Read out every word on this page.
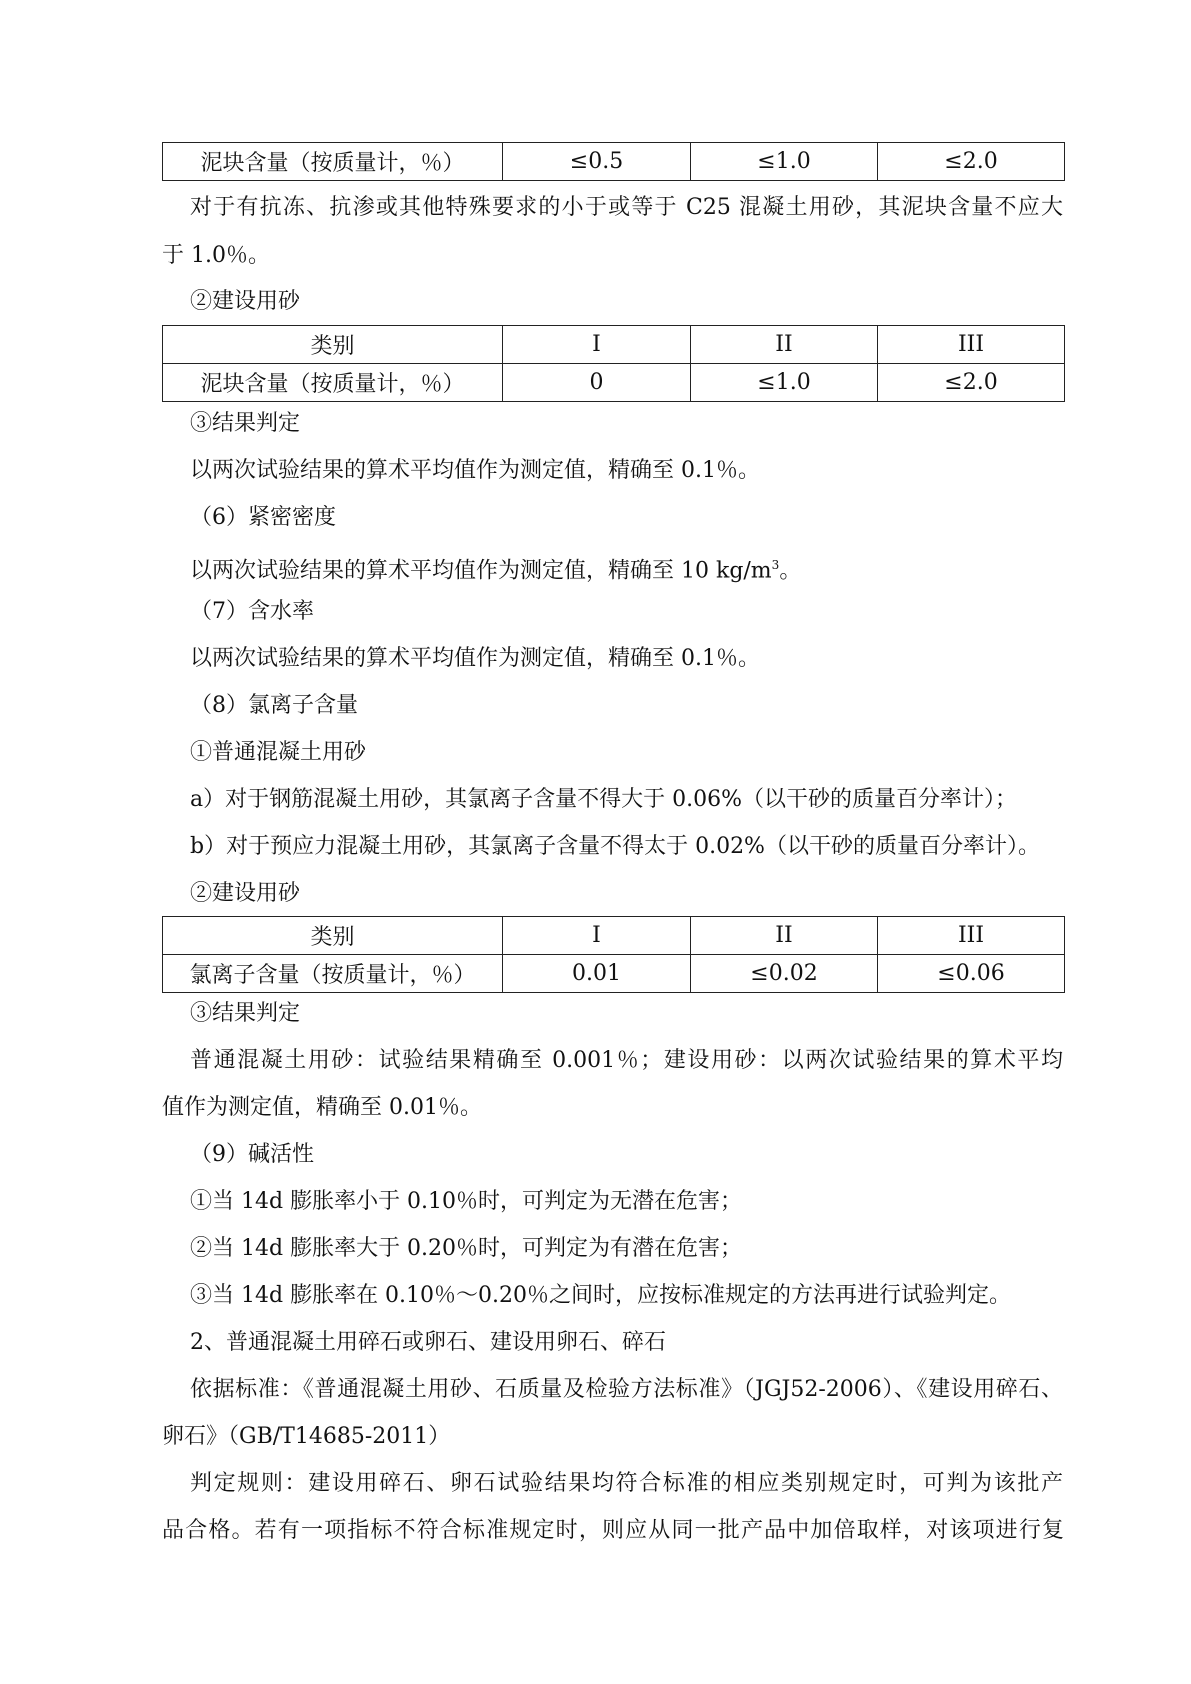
泥块含量（按质量计，％）	≤0.5	≤1.0	≤2.0
对于有抗冻、抗渗或其他特殊要求的小于或等于 C25 混凝土用砂，其泥块含量不应大
于 1.0％。
②建设用砂
类别	I	II	III
泥块含量（按质量计，％）	0	≤1.0	≤2.0
③结果判定
以两次试验结果的算术平均值作为测定值，精确至 0.1％。
（6）紧密密度
以两次试验结果的算术平均值作为测定值，精确至 10 $kg/m^3$。
（7）含水率
以两次试验结果的算术平均值作为测定值，精确至 0.1％。
（8）氯离子含量
①普通混凝土用砂
a）对于钢筋混凝土用砂，其氯离子含量不得大于 0.06%（以干砂的质量百分率计）；
b）对于预应力混凝土用砂，其氯离子含量不得太于 0.02%（以干砂的质量百分率计）。
②建设用砂
类别	I	II	III
氯离子含量（按质量计，％）	0.01	≤0.02	≤0.06
③结果判定
普通混凝土用砂：试验结果精确至 0.001％；建设用砂：以两次试验结果的算术平均
值作为测定值，精确至 0.01％。
（9）碱活性
①当 14d 膨胀率小于 0.10％时，可判定为无潜在危害；
②当 14d 膨胀率大于 0.20％时，可判定为有潜在危害；
③当 14d 膨胀率在 0.10％～0.20％之间时，应按标准规定的方法再进行试验判定。
2、普通混凝土用碎石或卵石、建设用卵石、碎石
依据标准：《普通混凝土用砂、石质量及检验方法标准》（JGJ52-2006）、《建设用碎石、
卵石》（GB/T14685-2011）
判定规则：建设用碎石、卵石试验结果均符合标准的相应类别规定时，可判为该批产
品合格。若有一项指标不符合标准规定时，则应从同一批产品中加倍取样，对该项进行复
